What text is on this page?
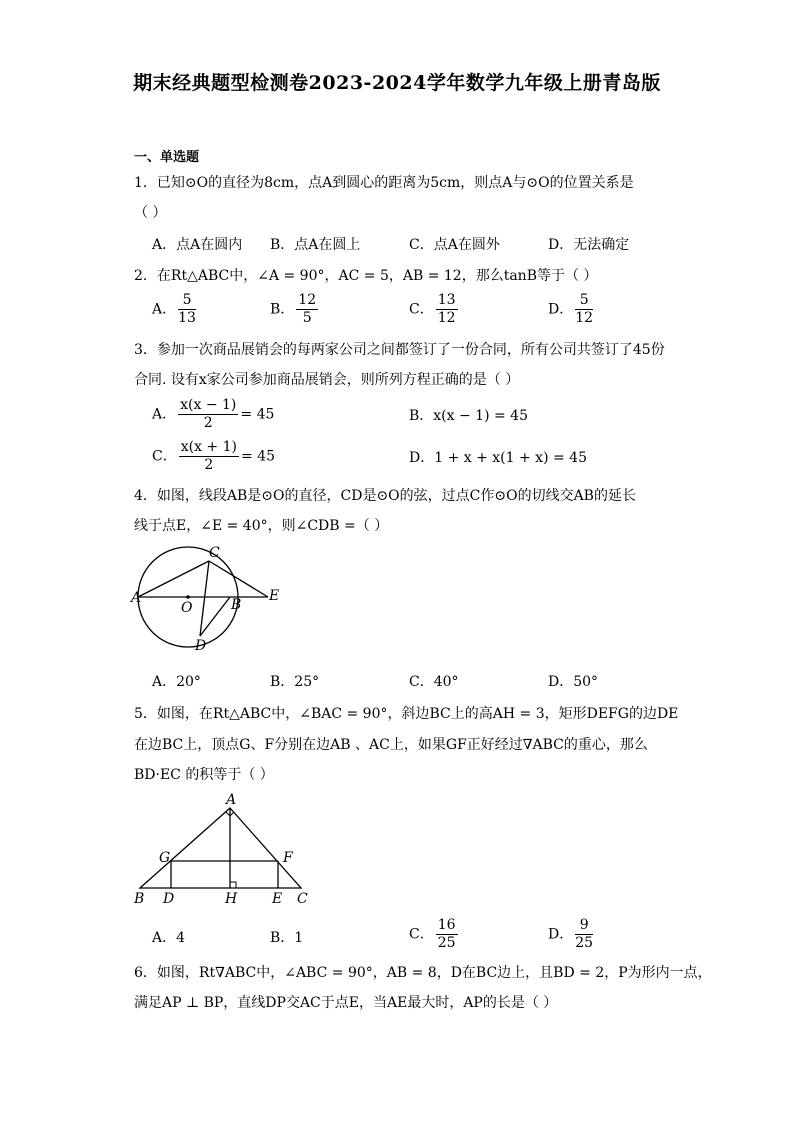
期末经典题型检测卷2023-2024学年数学九年级上册青岛版
一、单选题
1．已知⊙O的直径为8cm，点A到圆心的距离为5cm，则点A与⊙O的位置关系是
（ ）
A．点A在圆内 B．点A在圆上	C．点A在圆外	D．无法确定
2．在Rt△ABC中，∠A = 90°，AC = 5，AB = 12，那么tanB等于（ ）
A． $\frac{5}{13}$	B． $\frac{12}{5}$	C． $\frac{13}{12}$	D． $\frac{5}{12}$
3．参加一次商品展销会的每两家公司之间都签订了一份合同，所有公司共签订了45份
合同. 设有x家公司参加商品展销会，则所列方程正确的是（ ）
A． $\frac{x(x - 1)}{2} = 45$	B．x(x − 1) = 45
C． $\frac{x(x + 1)}{2} = 45$	D．1 + x + x(1 + x) = 45
4．如图，线段AB是⊙O的直径，CD是⊙O的弦，过点C作⊙O的切线交AB的延长
线于点E，∠E = 40°，则∠CDB =（ ）
A
O	B
E
C
D
A．20°	B．25°	C．40°	D．50°
5．如图，在Rt△ABC中，∠BAC = 90°，斜边BC上的高AH = 3，矩形DEFG的边DE
在边BC上，顶点G、F分别在边AB 、AC上，如果GF正好经过∇ABC的重心，那么
BD·EC 的积等于（ ）
A
G	F
B D	H E C
A．4	B．1	C． $\frac{16}{25}$	D． $\frac{9}{25}$
6．如图，Rt∇ABC中，∠ABC = 90°，AB = 8，D在BC边上，且BD = 2，P为形内一点，
满足AP ⊥ BP，直线DP交AC于点E，当AE最大时，AP的长是（ ）
